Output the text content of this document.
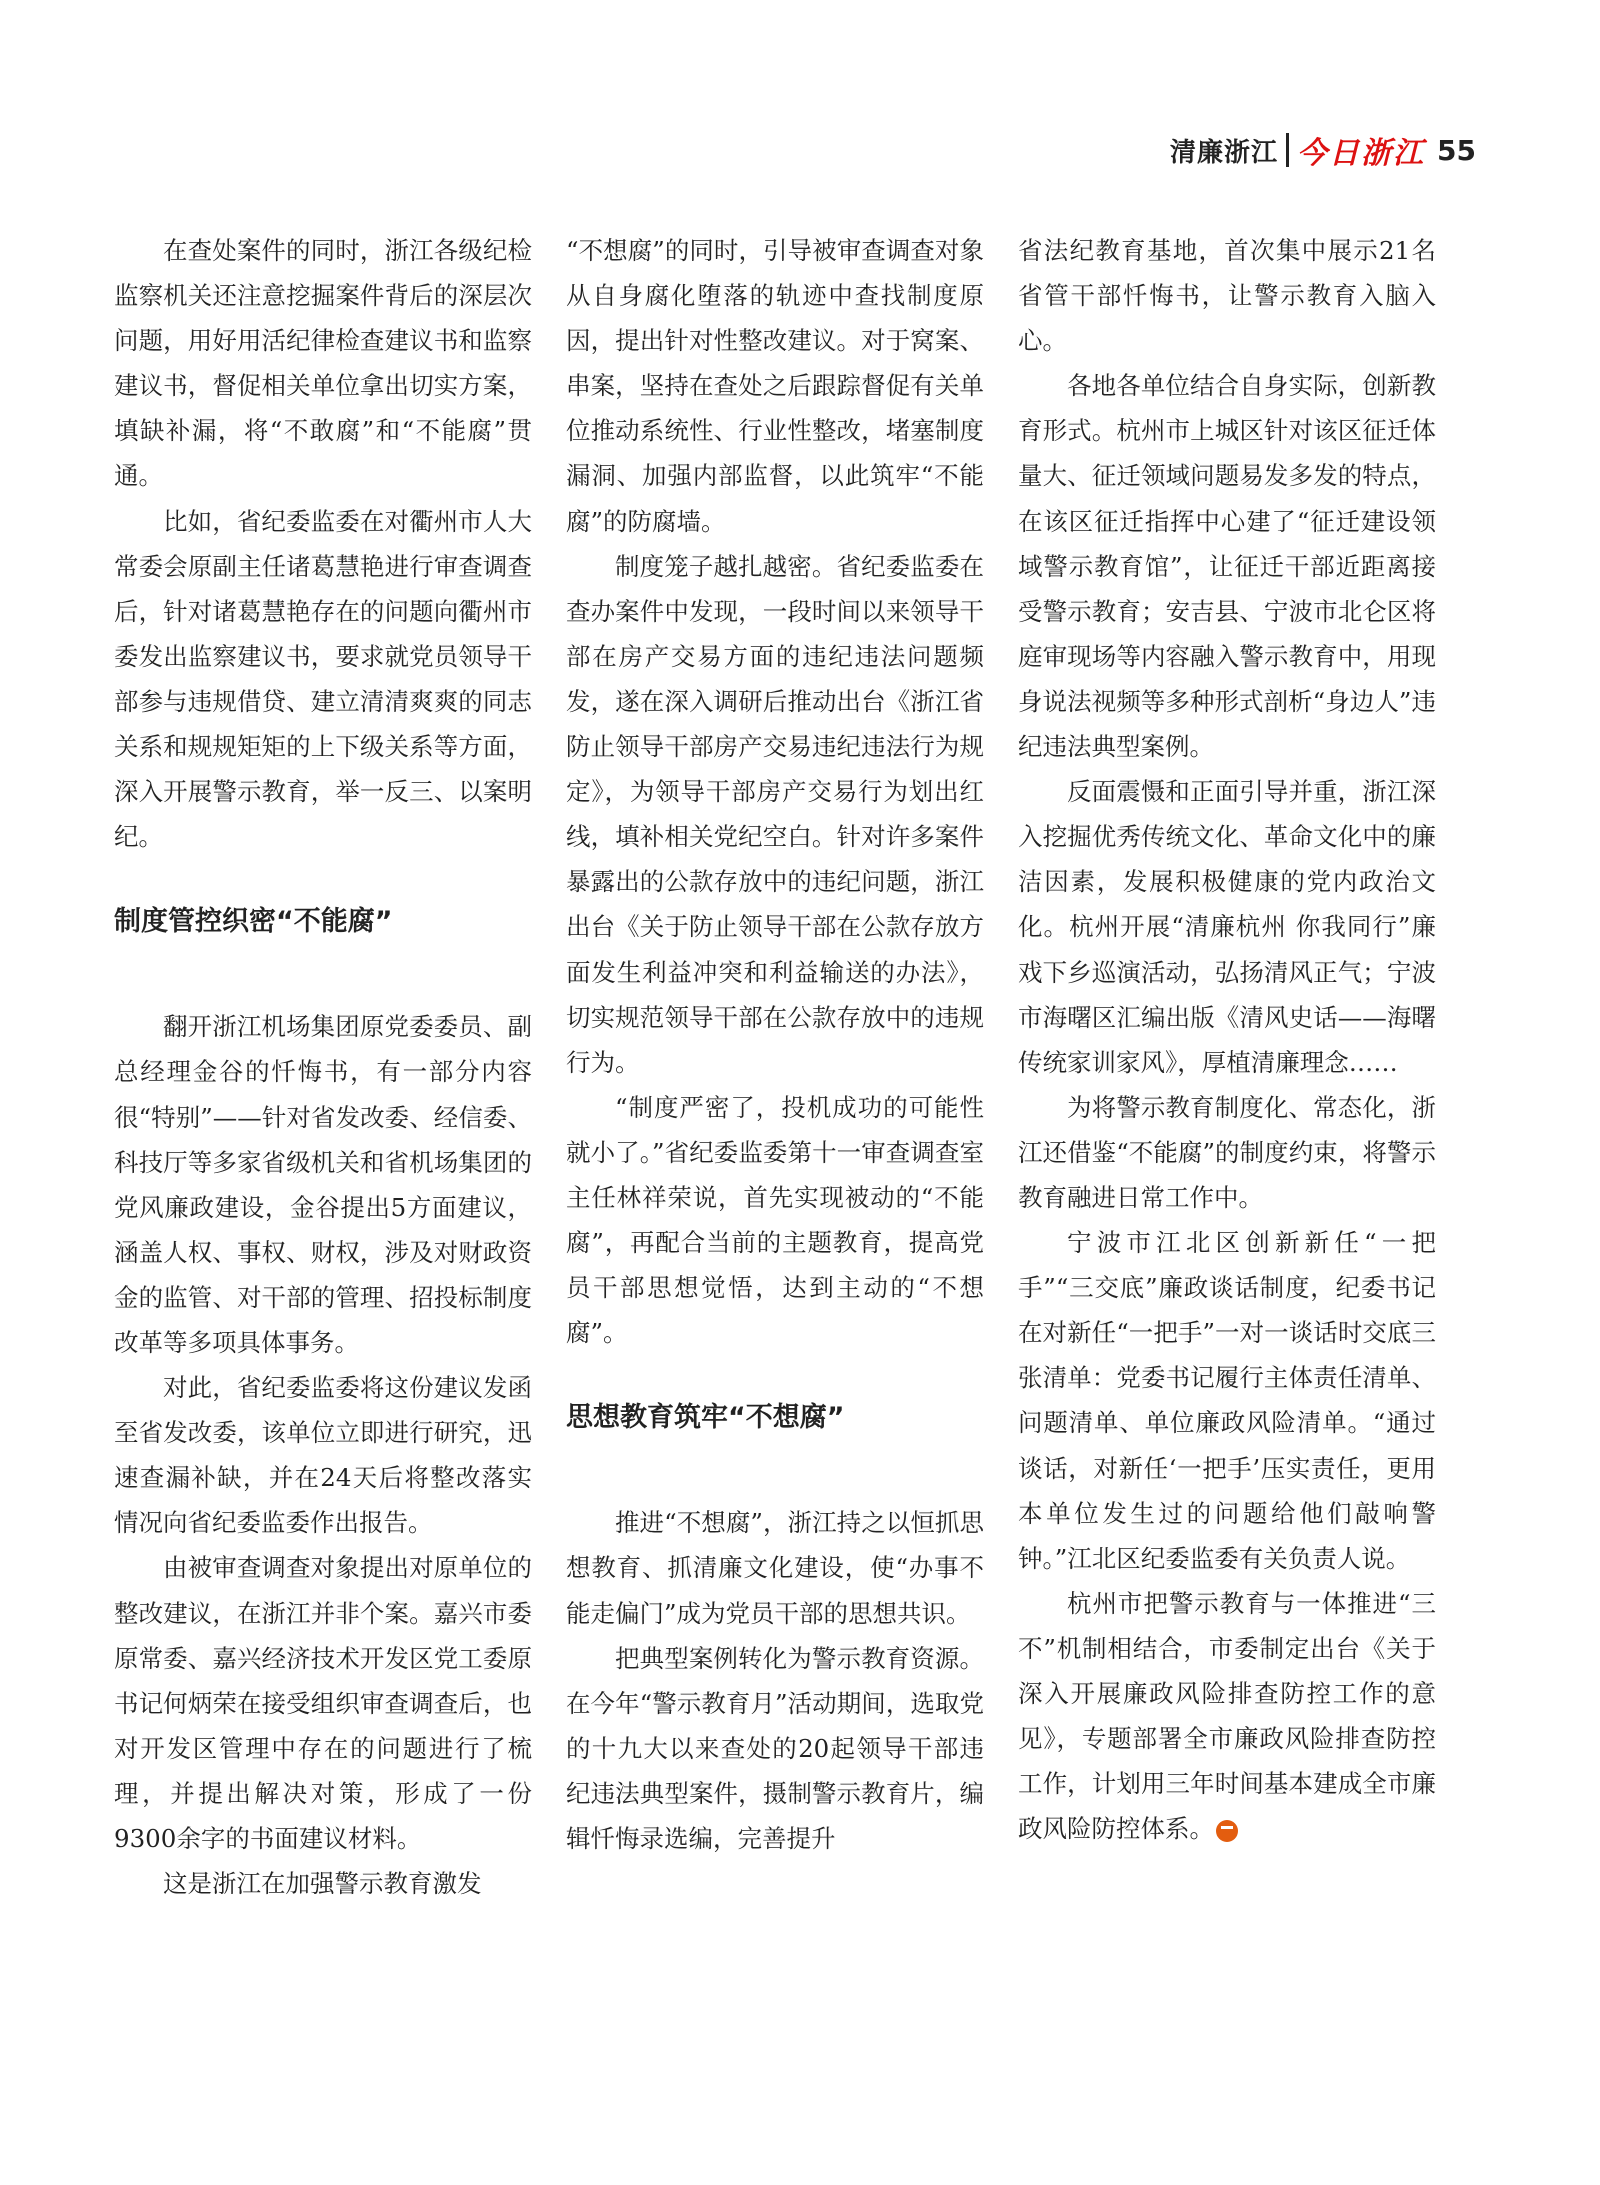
清廉浙江 今日浙江 55

在查处案件的同时，浙江各级纪检监察机关还注意挖掘案件背后的深层次问题，用好用活纪律检查建议书和监察建议书，督促相关单位拿出切实方案，填缺补漏，将“不敢腐”和“不能腐”贯通。

比如，省纪委监委在对衢州市人大常委会原副主任诸葛慧艳进行审查调查后，针对诸葛慧艳存在的问题向衢州市委发出监察建议书，要求就党员领导干部参与违规借贷、建立清清爽爽的同志关系和规规矩矩的上下级关系等方面，深入开展警示教育，举一反三、以案明纪。

制度管控织密“不能腐”

翻开浙江机场集团原党委委员、副总经理金谷的忏悔书，有一部分内容很“特别”——针对省发改委、经信委、科技厅等多家省级机关和省机场集团的党风廉政建设，金谷提出5方面建议，涵盖人权、事权、财权，涉及对财政资金的监管、对干部的管理、招投标制度改革等多项具体事务。

对此，省纪委监委将这份建议发函至省发改委，该单位立即进行研究，迅速查漏补缺，并在24天后将整改落实情况向省纪委监委作出报告。

由被审查调查对象提出对原单位的整改建议，在浙江并非个案。嘉兴市委原常委、嘉兴经济技术开发区党工委原书记何炳荣在接受组织审查调查后，也对开发区管理中存在的问题进行了梳理，并提出解决对策，形成了一份9300余字的书面建议材料。

这是浙江在加强警示教育激发

“不想腐”的同时，引导被审查调查对象从自身腐化堕落的轨迹中查找制度原因，提出针对性整改建议。对于窝案、串案，坚持在查处之后跟踪督促有关单位推动系统性、行业性整改，堵塞制度漏洞、加强内部监督，以此筑牢“不能腐”的防腐墙。

制度笼子越扎越密。省纪委监委在查办案件中发现，一段时间以来领导干部在房产交易方面的违纪违法问题频发，遂在深入调研后推动出台《浙江省防止领导干部房产交易违纪违法行为规定》，为领导干部房产交易行为划出红线，填补相关党纪空白。针对许多案件暴露出的公款存放中的违纪问题，浙江出台《关于防止领导干部在公款存放方面发生利益冲突和利益输送的办法》，切实规范领导干部在公款存放中的违规行为。

“制度严密了，投机成功的可能性就小了。”省纪委监委第十一审查调查室主任林祥荣说，首先实现被动的“不能腐”，再配合当前的主题教育，提高党员干部思想觉悟，达到主动的“不想腐”。

思想教育筑牢“不想腐”

推进“不想腐”，浙江持之以恒抓思想教育、抓清廉文化建设，使“办事不能走偏门”成为党员干部的思想共识。

把典型案例转化为警示教育资源。在今年“警示教育月”活动期间，选取党的十九大以来查处的20起领导干部违纪违法典型案件，摄制警示教育片，编辑忏悔录选编，完善提升

省法纪教育基地，首次集中展示21名省管干部忏悔书，让警示教育入脑入心。

各地各单位结合自身实际，创新教育形式。杭州市上城区针对该区征迁体量大、征迁领域问题易发多发的特点，在该区征迁指挥中心建了“征迁建设领域警示教育馆”，让征迁干部近距离接受警示教育；安吉县、宁波市北仑区将庭审现场等内容融入警示教育中，用现身说法视频等多种形式剖析“身边人”违纪违法典型案例。

反面震慑和正面引导并重，浙江深入挖掘优秀传统文化、革命文化中的廉洁因素，发展积极健康的党内政治文化。杭州开展“清廉杭州 你我同行”廉戏下乡巡演活动，弘扬清风正气；宁波市海曙区汇编出版《清风史话——海曙传统家训家风》，厚植清廉理念……

为将警示教育制度化、常态化，浙江还借鉴“不能腐”的制度约束，将警示教育融进日常工作中。

宁波市江北区创新新任“一把手”“三交底”廉政谈话制度，纪委书记在对新任“一把手”一对一谈话时交底三张清单：党委书记履行主体责任清单、问题清单、单位廉政风险清单。“通过谈话，对新任‘一把手’压实责任，更用本单位发生过的问题给他们敲响警钟。”江北区纪委监委有关负责人说。

杭州市把警示教育与一体推进“三不”机制相结合，市委制定出台《关于深入开展廉政风险排查防控工作的意见》，专题部署全市廉政风险排查防控工作，计划用三年时间基本建成全市廉政风险防控体系。
